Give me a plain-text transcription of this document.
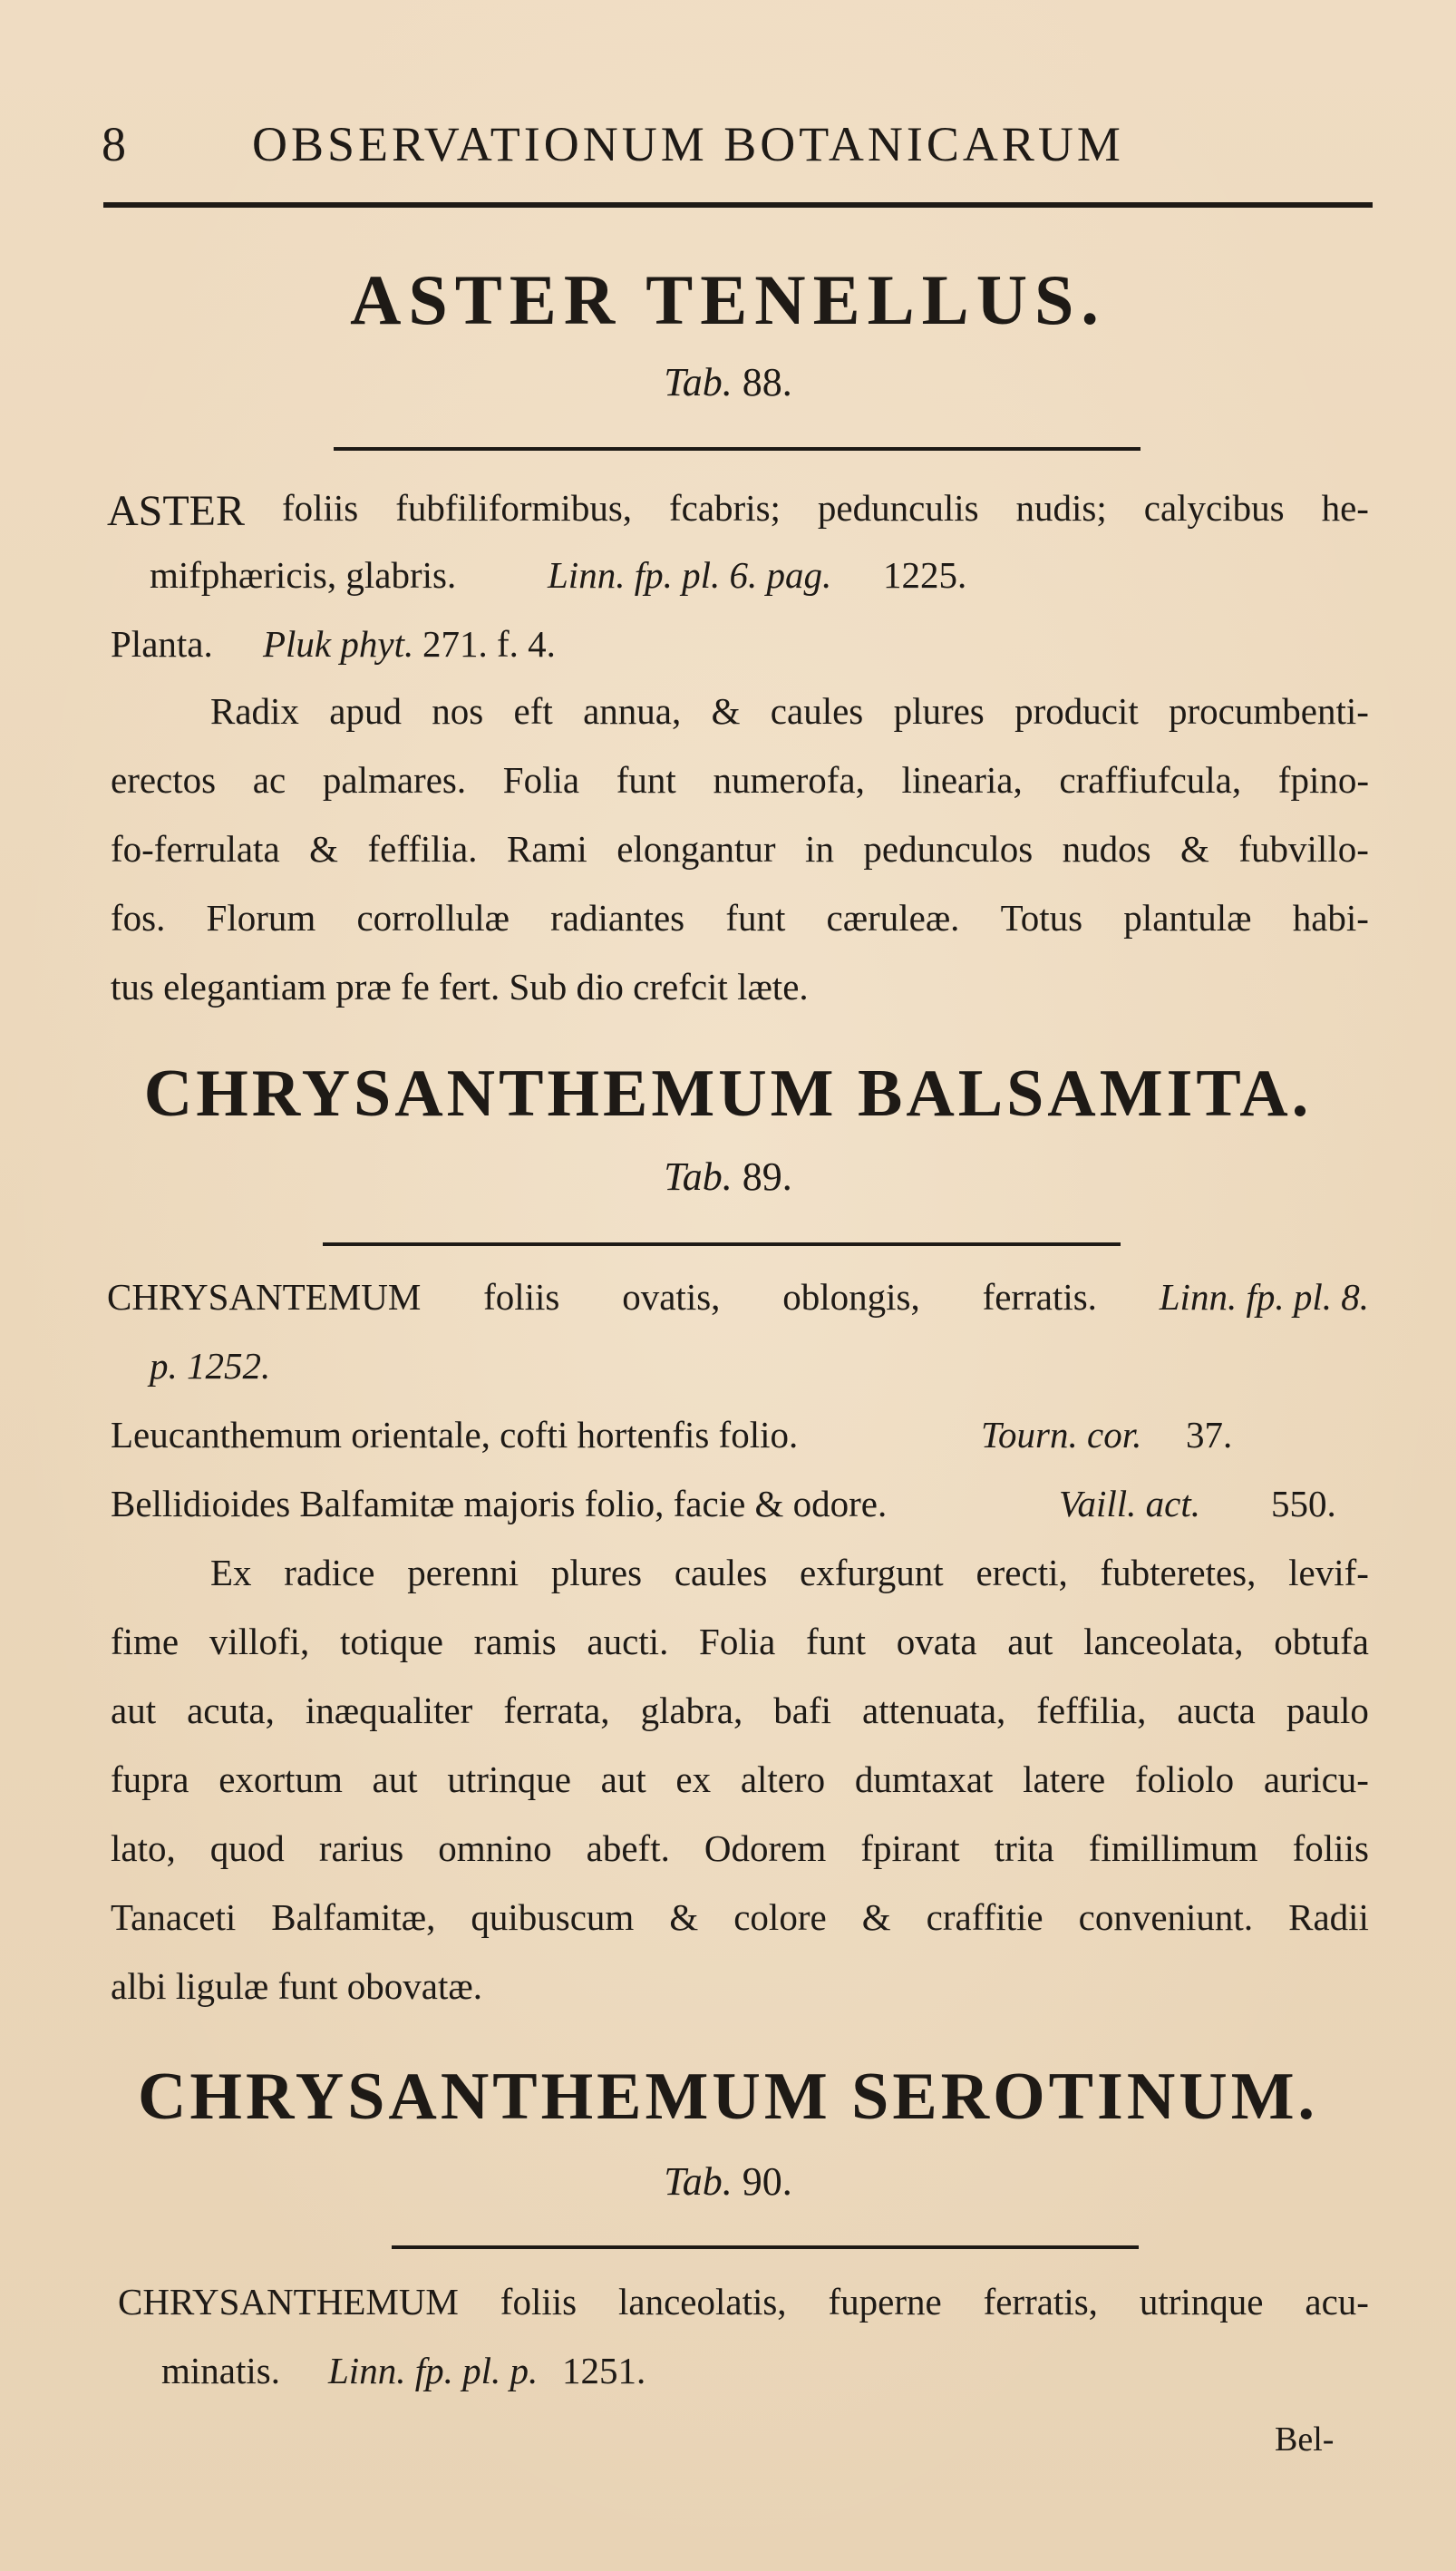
8	OBSERVATIONUM BOTANICARUM
ASTER TENELLUS.
Tab. 88.
ASTER foliis fubfiliformibus, fcabris; pedunculis nudis; calycibus he-
mifphæricis, glabris. Linn. fp. pl. 6. pag. 1225.
Planta. Pluk phyt. 271. f. 4.
Radix apud nos eft annua, & caules plures producit procumbenti-
erectos ac palmares. Folia funt numerofa, linearia, craffiufcula, fpino-
fo-ferrulata & feffilia. Rami elongantur in pedunculos nudos & fubvillo-
fos. Florum corrollulæ radiantes funt cæruleæ. Totus plantulæ habi-
tus elegantiam præ fe fert. Sub dio crefcit læte.
CHRYSANTHEMUM BALSAMITA.
Tab. 89.
CHRYSANTEMUM foliis ovatis, oblongis, ferratis. Linn. fp. pl. 8.
p. 1252.
Leucanthemum orientale, cofti hortenfis folio.	Tourn. cor. 37.
Bellidioides Balfamitæ majoris folio, facie & odore.	Vaill. act. 550.
Ex radice perenni plures caules exfurgunt erecti, fubteretes, levif-
fime villofi, totique ramis aucti. Folia funt ovata aut lanceolata, obtufa
aut acuta, inæqualiter ferrata, glabra, bafi attenuata, feffilia, aucta paulo
fupra exortum aut utrinque aut ex altero dumtaxat latere foliolo auricu-
lato, quod rarius omnino abeft. Odorem fpirant trita fimillimum foliis
Tanaceti Balfamitæ, quibuscum & colore & craffitie conveniunt. Radii
albi ligulæ funt obovatæ.
CHRYSANTHEMUM SEROTINUM.
Tab. 90.
CHRYSANTHEMUM foliis lanceolatis, fuperne ferratis, utrinque acu-
minatis. Linn. fp. pl. p. 1251.
Bel-
